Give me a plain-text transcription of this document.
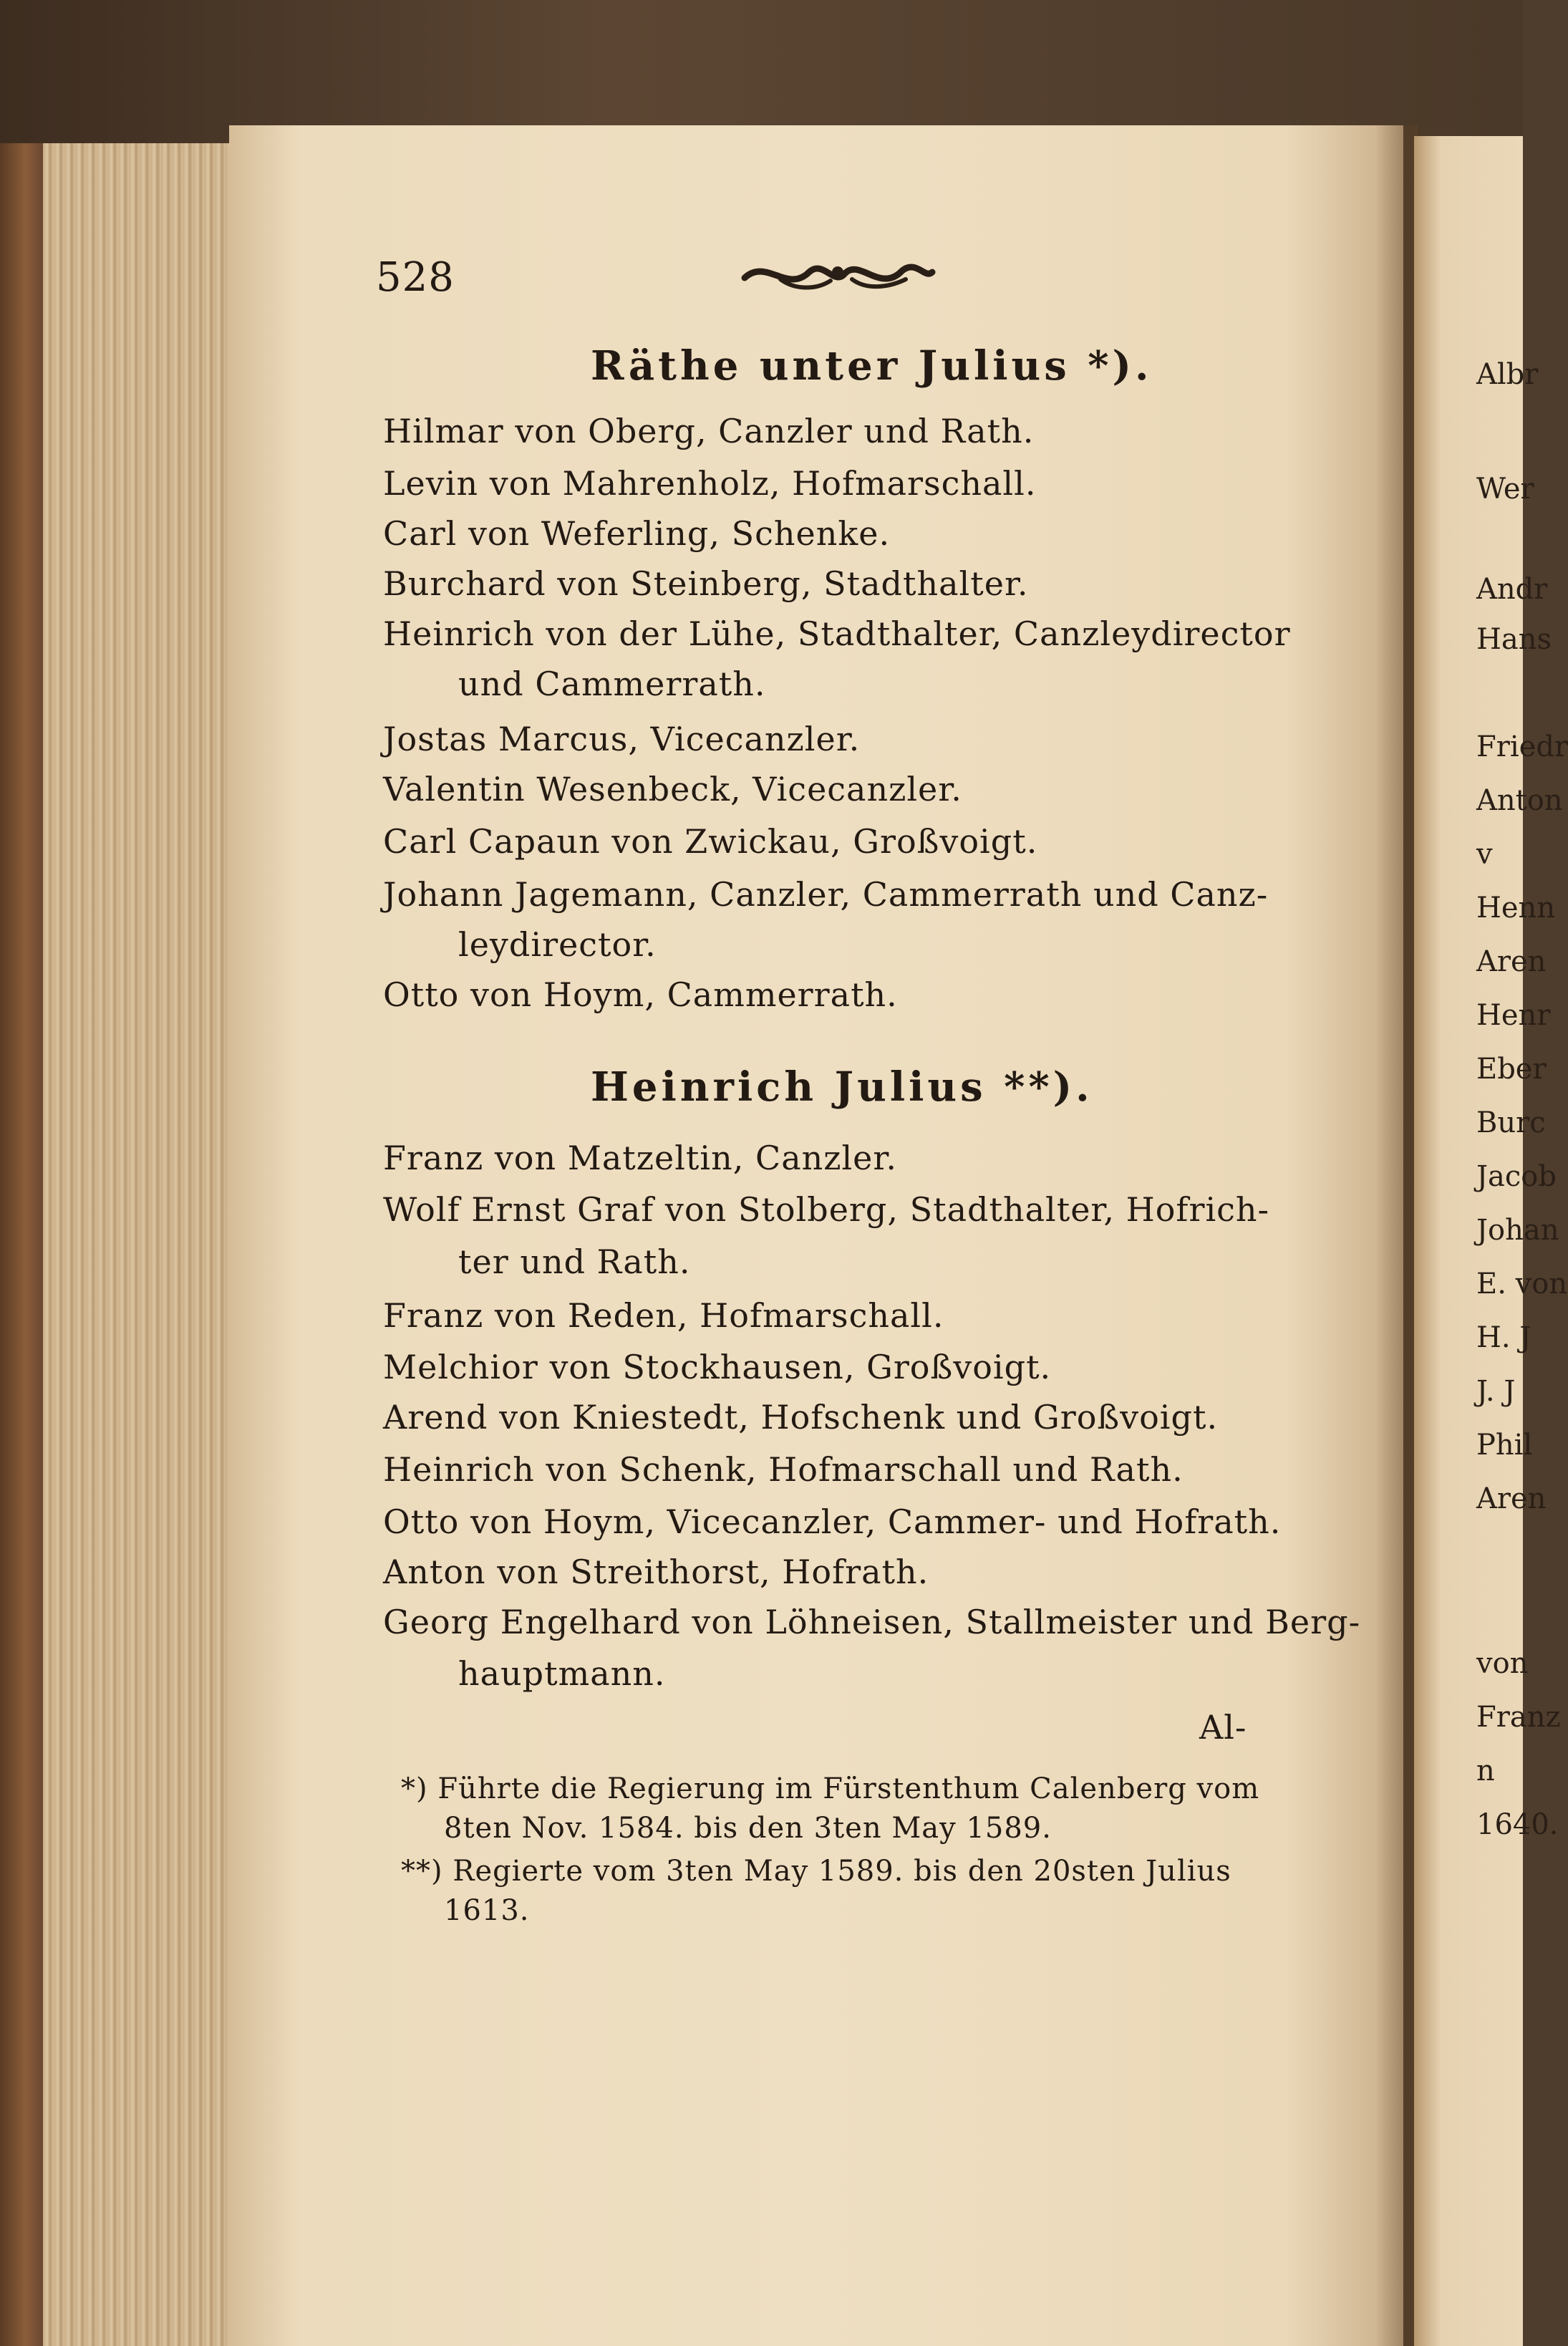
528
Räthe unter Julius *).
Hilmar von Oberg, Canzler und Rath.
Levin von Mahrenholz, Hofmarschall.
Carl von Weferling, Schenke.
Burchard von Steinberg, Stadthalter.
Heinrich von der Lühe, Stadthalter, Canzleydirector
und Cammerrath.
Jostas Marcus, Vicecanzler.
Valentin Wesenbeck, Vicecanzler.
Carl Capaun von Zwickau, Großvoigt.
Johann Jagemann, Canzler, Cammerrath und Canz-
leydirector.
Otto von Hoym, Cammerrath.
Heinrich Julius **).
Franz von Matzeltin, Canzler.
Wolf Ernst Graf von Stolberg, Stadthalter, Hofrich-
ter und Rath.
Franz von Reden, Hofmarschall.
Melchior von Stockhausen, Großvoigt.
Arend von Kniestedt, Hofschenk und Großvoigt.
Heinrich von Schenk, Hofmarschall und Rath.
Otto von Hoym, Vicecanzler, Cammer- und Hofrath.
Anton von Streithorst, Hofrath.
Georg Engelhard von Löhneisen, Stallmeister und Berg-
hauptmann.
Al-
*) Führte die Regierung im Fürstenthum Calenberg vom
8ten Nov. 1584. bis den 3ten May 1589.
**) Regierte vom 3ten May 1589. bis den 20sten Julius
1613.
Albr
Wer
Andr
Hans
Friedr
Anton
v
Henn
Aren
Henr
Eber
Burc
Jacob
Johan
E. von
H. J
J. J
Phil
Aren
von
Franz
n
1640.
